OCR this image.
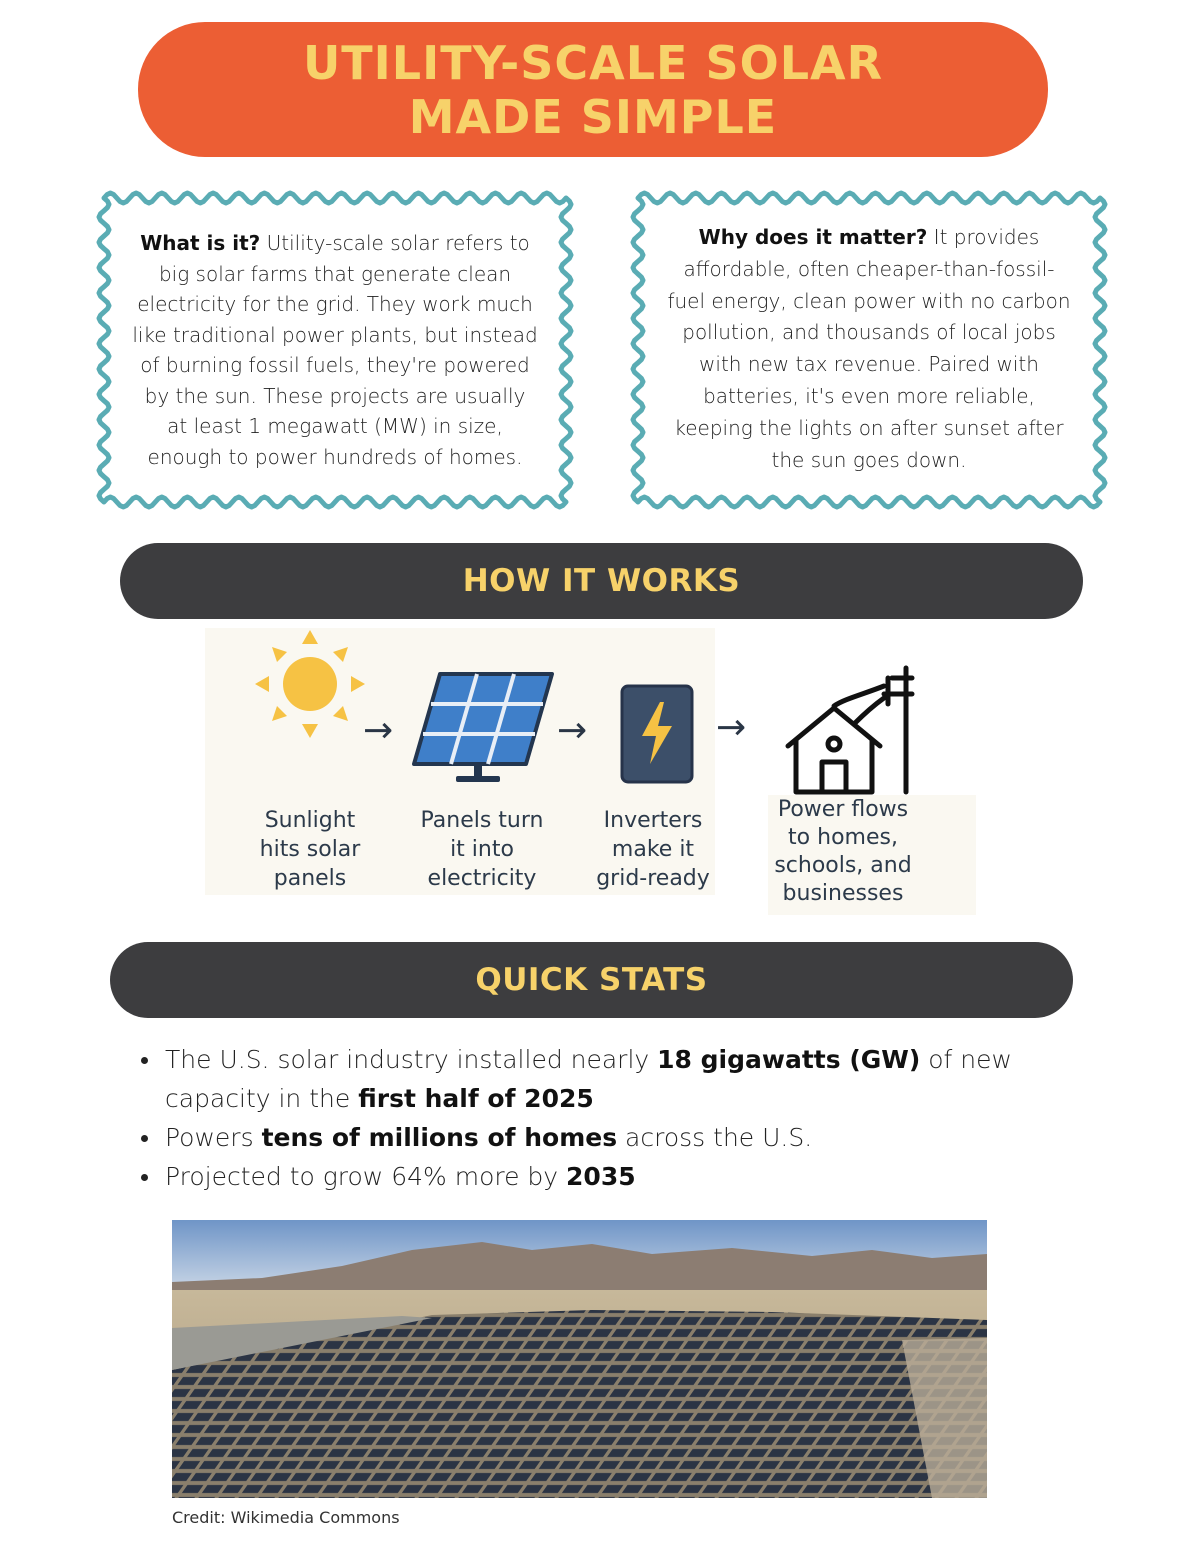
UTILITY-SCALE SOLAR
MADE SIMPLE
What is it? Utility-scale solar refers to big solar farms that generate clean electricity for the grid. They work much like traditional power plants, but instead of burning fossil fuels, they're powered by the sun. These projects are usually at least 1 megawatt (MW) in size, enough to power hundreds of homes.
Why does it matter? It provides affordable, often cheaper-than-fossil-fuel energy, clean power with no carbon pollution, and thousands of local jobs with new tax revenue. Paired with batteries, it's even more reliable, keeping the lights on after sunset after the sun goes down.
HOW IT WORKS
→	→	→
Sunlight
hits solar
panels
Panels turn
it into
electricity
Inverters
make it
grid-ready
Power flows
to homes,
schools, and
businesses
QUICK STATS
The U.S. solar industry installed nearly 18 gigawatts (GW) of new capacity in the first half of 2025
Powers tens of millions of homes across the U.S.
Projected to grow 64% more by 2035
Credit: Wikimedia Commons
